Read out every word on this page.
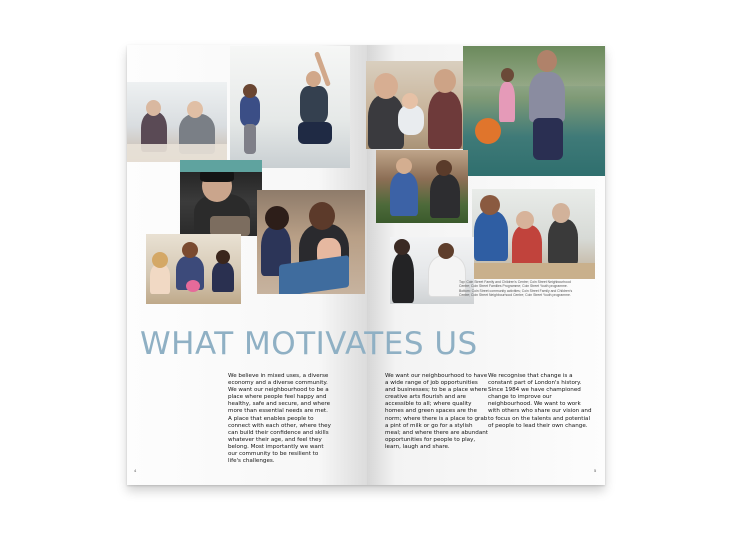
Top: Coin Street Family and Children's Centre; Coin Street Neighbourhood Centre; Coin Street Families Programme; Coin Street Youth programme. Bottom: Coin Street community activities; Coin Street Family and Children's Centre; Coin Street Neighbourhood Centre; Coin Street Youth programme.
WHAT MOTIVATES US
We believe in mixed uses, a diverse economy and a diverse community. We want our neighbourhood to be a place where people feel happy and healthy, safe and secure, and where more than essential needs are met. A place that enables people to connect with each other, where they can build their confidence and skills whatever their age, and feel they belong. Most importantly we want our community to be resilient to life's challenges.
We want our neighbourhood to have a wide range of job opportunities and businesses; to be a place where creative arts flourish and are accessible to all; where quality homes and green spaces are the norm; where there is a place to grab a pint of milk or go for a stylish meal; and where there are abundant opportunities for people to play, learn, laugh and share.
We recognise that change is a constant part of London's history. Since 1984 we have championed change to improve our neighbourhood. We want to work with others who share our vision and to focus on the talents and potential of people to lead their own change.
4	5
